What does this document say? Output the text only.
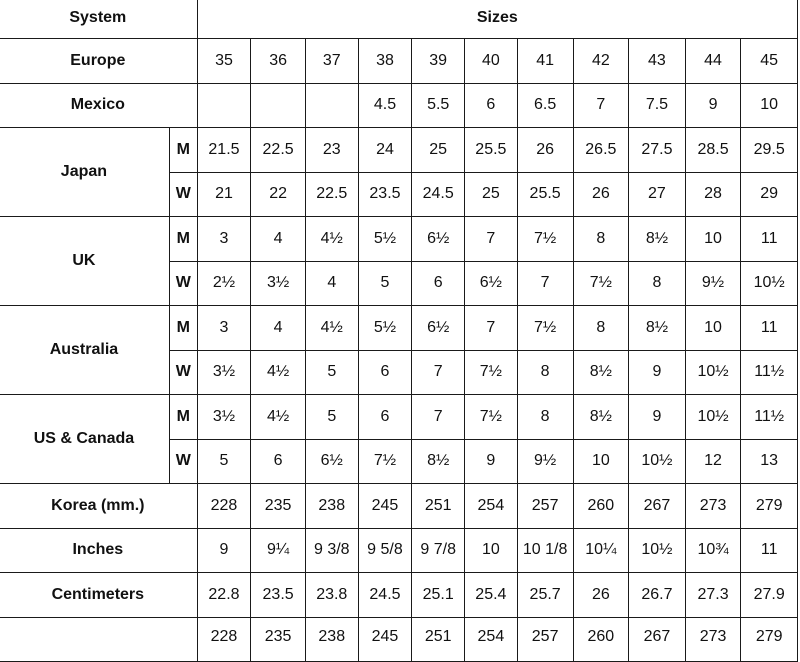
System		Sizes										
Europe		35	36	37	38	39	40	41	42	43	44	45
Mexico					4.5	5.5	6	6.5	7	7.5	9	10
Japan	M	21.5	22.5	23	24	25	25.5	26	26.5	27.5	28.5	29.5
	W	21	22	22.5	23.5	24.5	25	25.5	26	27	28	29
UK	M	3	4	4½	5½	6½	7	7½	8	8½	10	11
	W	2½	3½	4	5	6	6½	7	7½	8	9½	10½
Australia	M	3	4	4½	5½	6½	7	7½	8	8½	10	11
	W	3½	4½	5	6	7	7½	8	8½	9	10½	11½
US & Canada	M	3½	4½	5	6	7	7½	8	8½	9	10½	11½
	W	5	6	6½	7½	8½	9	9½	10	10½	12	13
Korea (mm.)		228	235	238	245	251	254	257	260	267	273	279
Inches		9	9¼	9 3/8	9 5/8	9 7/8	10	10 1/8	10¼	10½	10¾	11
Centimeters		22.8	23.5	23.8	24.5	25.1	25.4	25.7	26	26.7	27.3	27.9
		228	235	238	245	251	254	257	260	267	273	279
